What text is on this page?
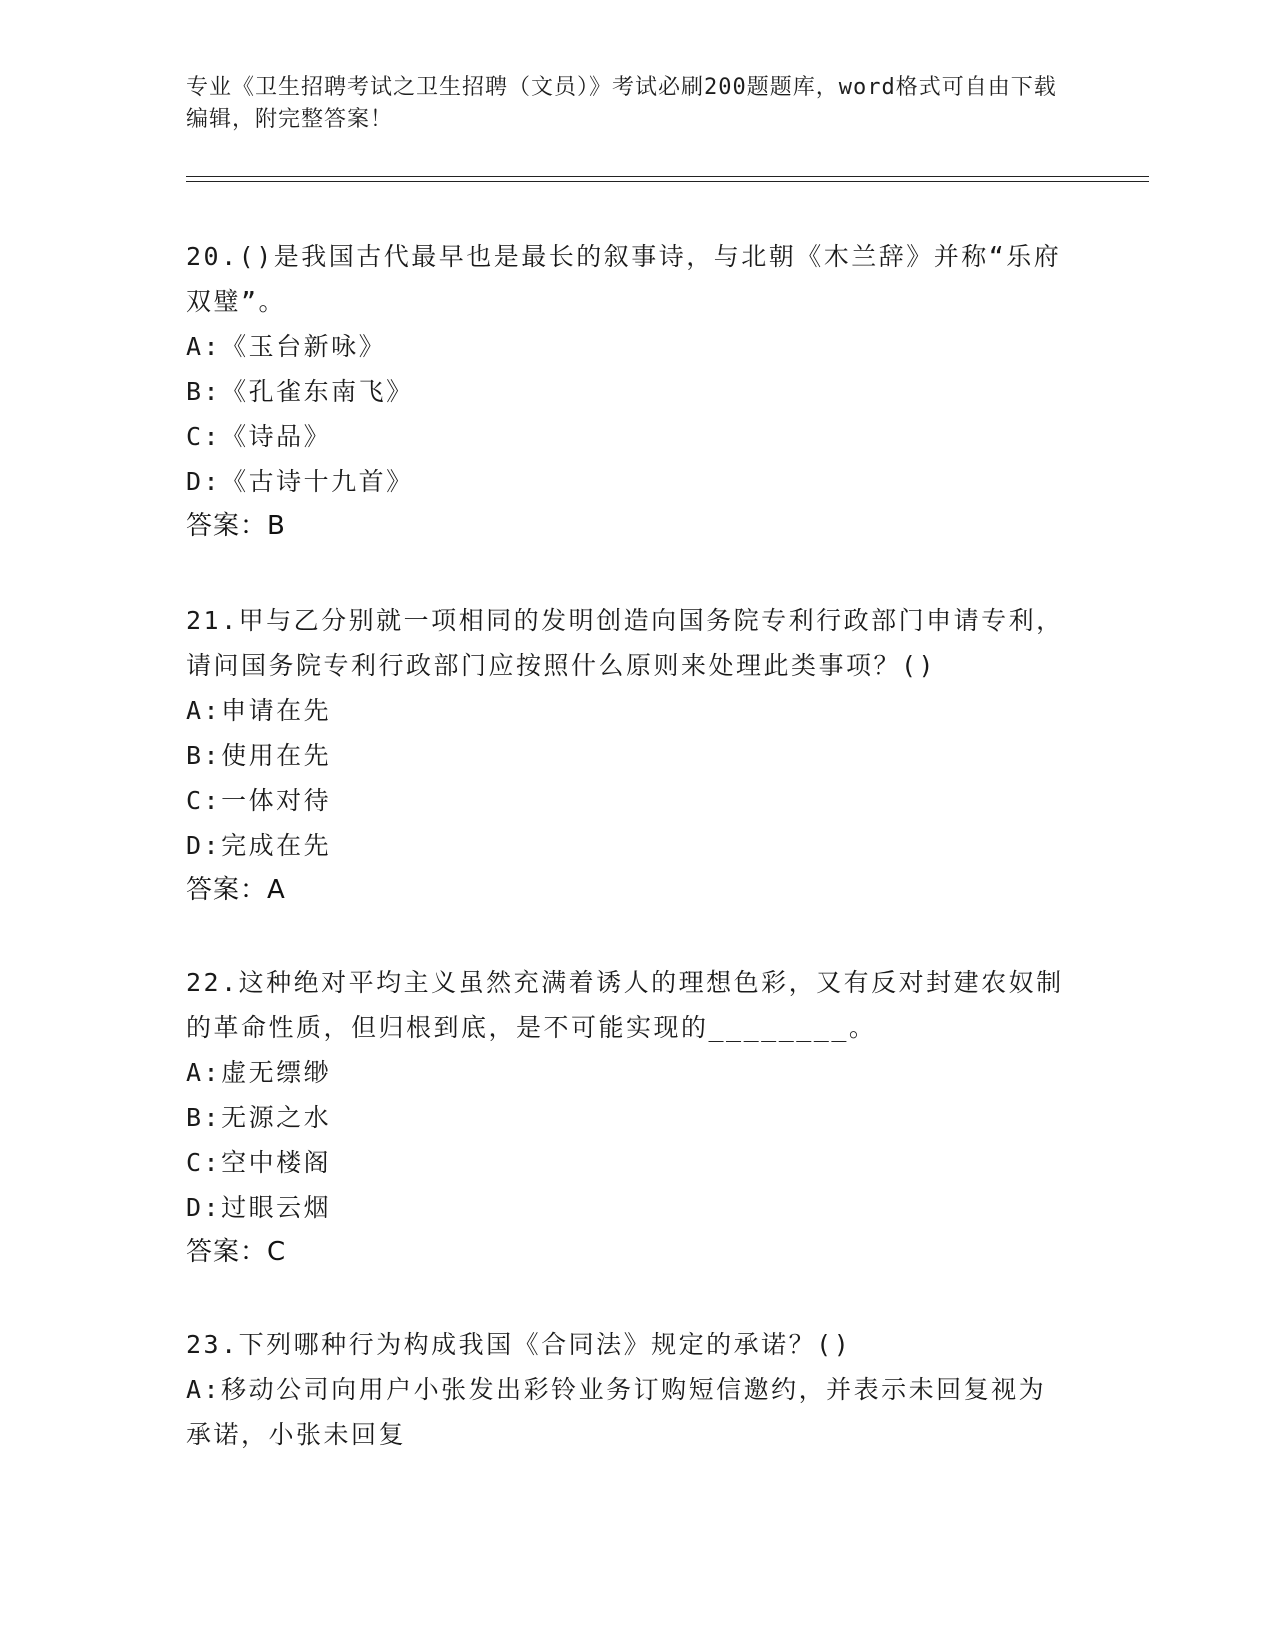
专业《卫生招聘考试之卫生招聘（文员）》考试必刷200题题库，word格式可自由下载编辑，附完整答案！

20.()是我国古代最早也是最长的叙事诗，与北朝《木兰辞》并称“乐府双璧”。

A:《玉台新咏》

B:《孔雀东南飞》

C:《诗品》

D:《古诗十九首》

答案：B

21.甲与乙分别就一项相同的发明创造向国务院专利行政部门申请专利，请问国务院专利行政部门应按照什么原则来处理此类事项？()

A:申请在先

B:使用在先

C:一体对待

D:完成在先

答案：A

22.这种绝对平均主义虽然充满着诱人的理想色彩，又有反对封建农奴制的革命性质，但归根到底，是不可能实现的________。

A:虚无缥缈

B:无源之水

C:空中楼阁

D:过眼云烟

答案：C

23.下列哪种行为构成我国《合同法》规定的承诺？()

A:移动公司向用户小张发出彩铃业务订购短信邀约，并表示未回复视为承诺，小张未回复
